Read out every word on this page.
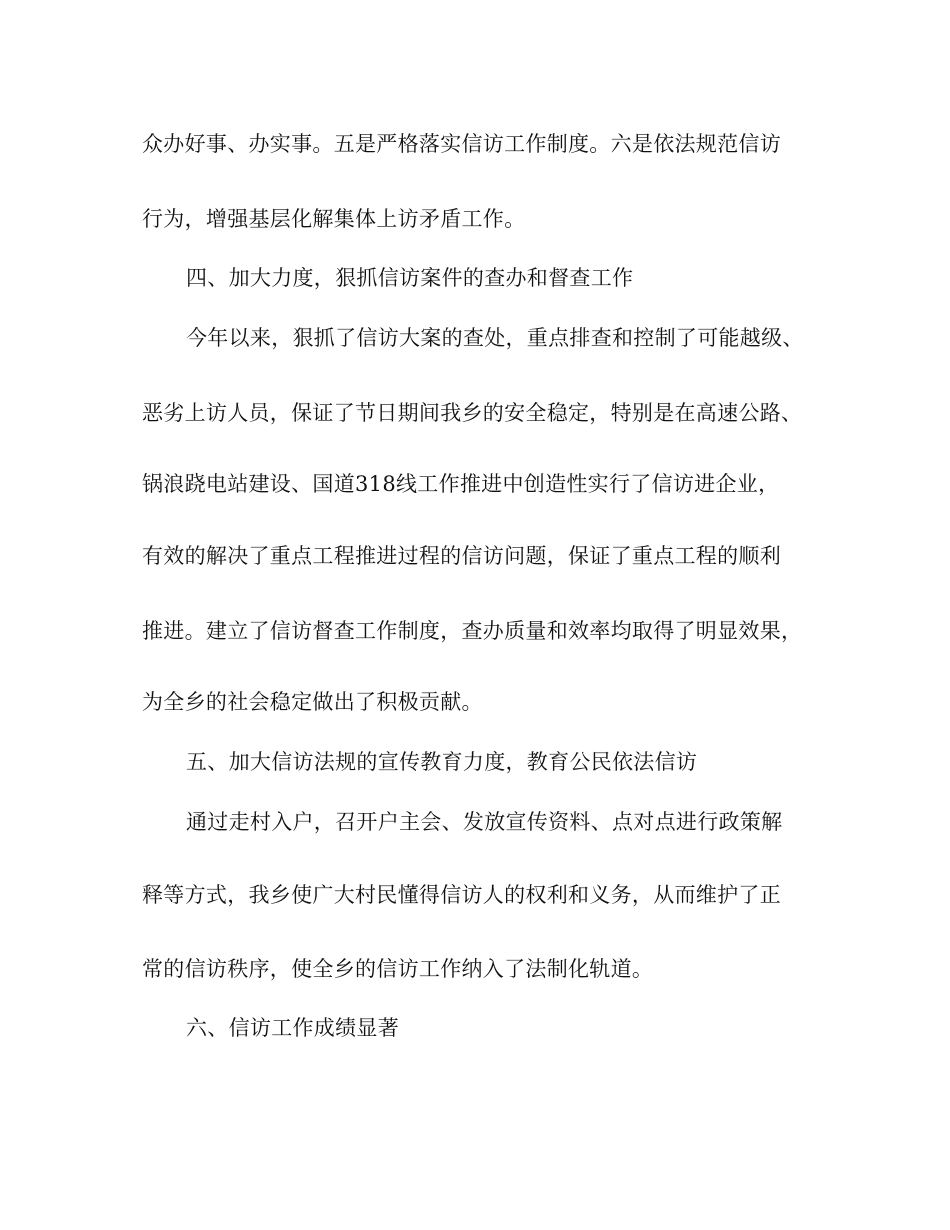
众办好事、办实事。五是严格落实信访工作制度。六是依法规范信访
行为，增强基层化解集体上访矛盾工作。
四、加大力度，狠抓信访案件的查办和督查工作
今年以来，狠抓了信访大案的查处，重点排查和控制了可能越级、
恶劣上访人员，保证了节日期间我乡的安全稳定，特别是在高速公路、
锅浪跷电站建设、国道318线工作推进中创造性实行了信访进企业，
有效的解决了重点工程推进过程的信访问题，保证了重点工程的顺利
推进。建立了信访督查工作制度，查办质量和效率均取得了明显效果，
为全乡的社会稳定做出了积极贡献。
五、加大信访法规的宣传教育力度，教育公民依法信访
通过走村入户，召开户主会、发放宣传资料、点对点进行政策解
释等方式，我乡使广大村民懂得信访人的权利和义务，从而维护了正
常的信访秩序，使全乡的信访工作纳入了法制化轨道。
六、信访工作成绩显著
